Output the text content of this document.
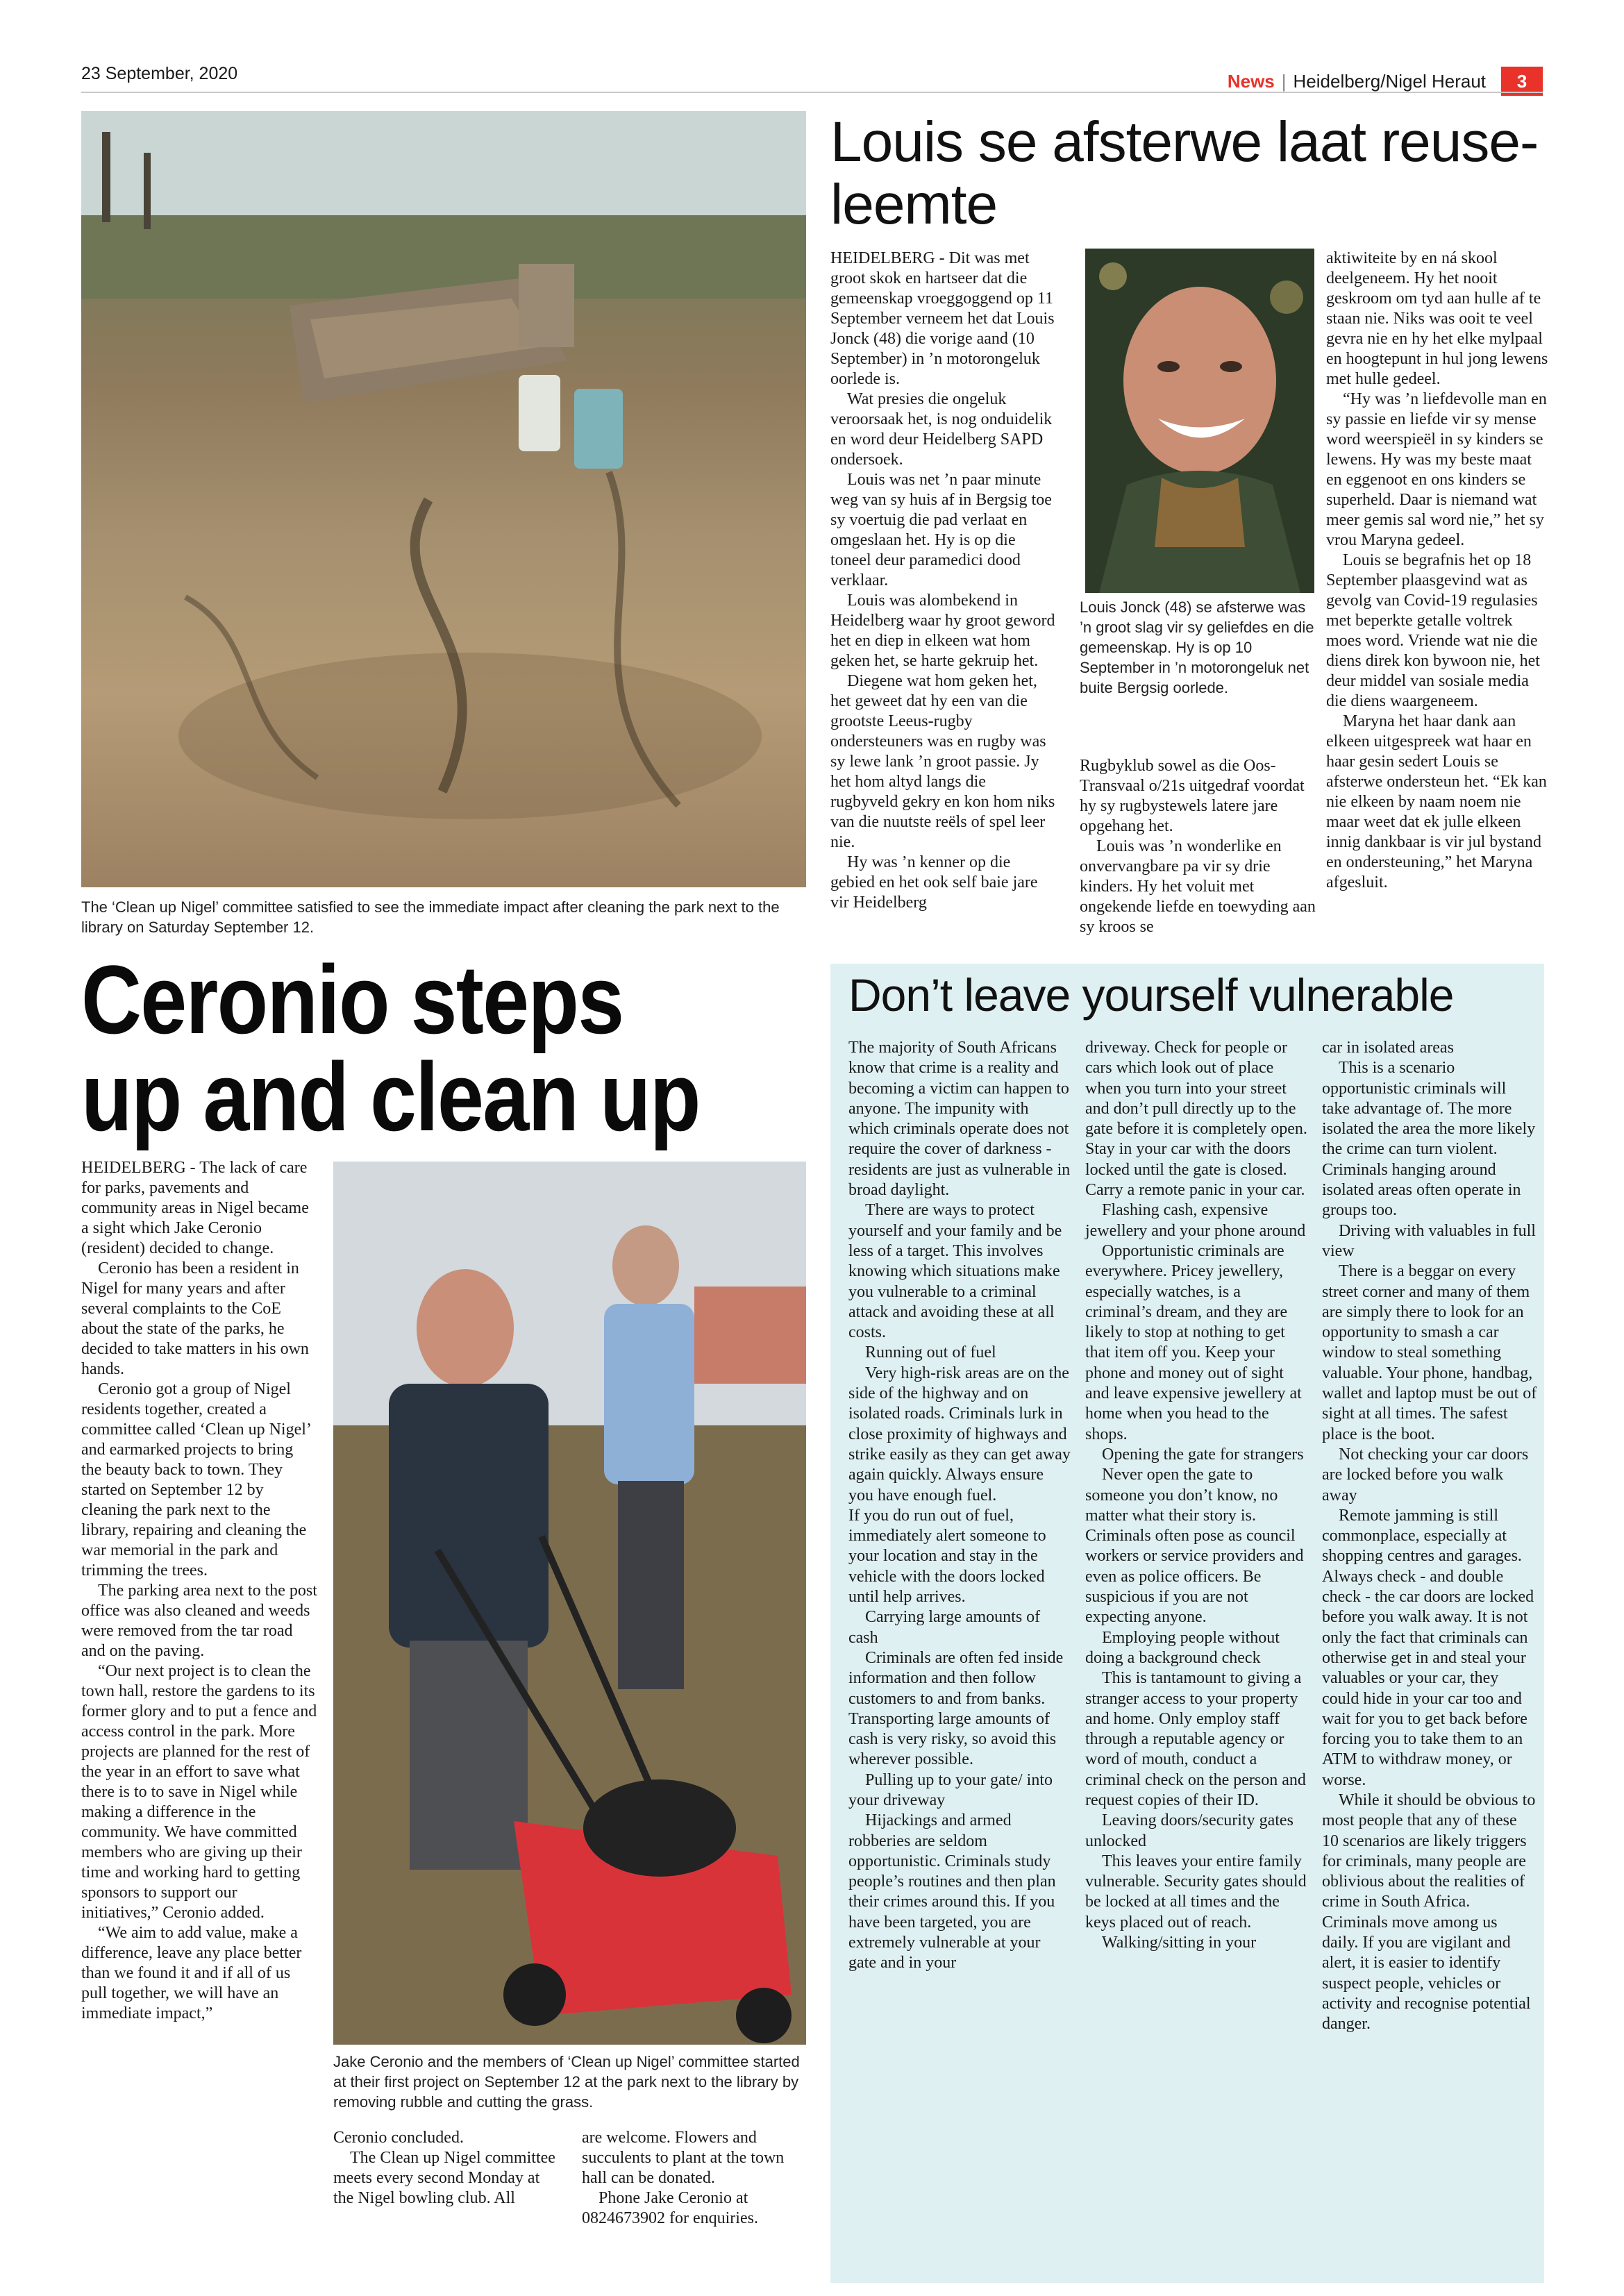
23 September, 2020	News | Heidelberg/Nigel Heraut	3
The ‘Clean up Nigel’ committee satisfied to see the immediate impact after cleaning the park next to the library on Saturday September 12.
Louis se afsterwe laat reuse-leemte

HEIDELBERG - Dit was met groot skok en hartseer dat die gemeenskap vroeggoggend op 11 September verneem het dat Louis Jonck (48) die vorige aand (10 September) in ’n motorongeluk oorlede is.

Wat presies die ongeluk veroorsaak het, is nog onduidelik en word deur Heidelberg SAPD ondersoek.

Louis was net ’n paar minute weg van sy huis af in Bergsig toe sy voertuig die pad verlaat en omgeslaan het. Hy is op die toneel deur paramedici dood verklaar.

Louis was alombekend in Heidelberg waar hy groot geword het en diep in elkeen wat hom geken het, se harte gekruip het.

Diegene wat hom geken het, het geweet dat hy een van die grootste Leeus-rugby ondersteuners was en rugby was sy lewe lank ’n groot passie. Jy het hom altyd langs die rugbyveld gekry en kon hom niks van die nuutste reëls of spel leer nie.

Hy was ’n kenner op die gebied en het ook self baie jare vir Heidelberg

Louis Jonck (48) se afsterwe was ’n groot slag vir sy geliefdes en die gemeenskap. Hy is op 10 September in ’n motorongeluk net buite Bergsig oorlede.

Rugbyklub sowel as die Oos-Transvaal o/21s uitgedraf voordat hy sy rugbystewels latere jare opgehang het.

Louis was ’n wonderlike en onvervangbare pa vir sy drie kinders. Hy het voluit met ongekende liefde en toewyding aan sy kroos se

aktiwiteite by en ná skool deelgeneem. Hy het nooit geskroom om tyd aan hulle af te staan nie. Niks was ooit te veel gevra nie en hy het elke mylpaal en hoogtepunt in hul jong lewens met hulle gedeel.

“Hy was ’n liefdevolle man en sy passie en liefde vir sy mense word weerspieël in sy kinders se lewens. Hy was my beste maat en eggenoot en ons kinders se superheld. Daar is niemand wat meer gemis sal word nie,” het sy vrou Maryna gedeel.

Louis se begrafnis het op 18 September plaasgevind wat as gevolg van Covid-19 regulasies met beperkte getalle voltrek moes word. Vriende wat nie die diens direk kon bywoon nie, het deur middel van sosiale media die diens waargeneem.

Maryna het haar dank aan elkeen uitgespreek wat haar en haar gesin sedert Louis se afsterwe ondersteun het. “Ek kan nie elkeen by naam noem nie maar weet dat ek julle elkeen innig dankbaar is vir jul bystand en ondersteuning,” het Maryna afgesluit.

Ceronio steps up and clean up

HEIDELBERG - The lack of care for parks, pavements and community areas in Nigel became a sight which Jake Ceronio (resident) decided to change.

Ceronio has been a resident in Nigel for many years and after several complaints to the CoE about the state of the parks, he decided to take matters in his own hands.

Ceronio got a group of Nigel residents together, created a committee called ‘Clean up Nigel’ and earmarked projects to bring the beauty back to town. They started on September 12 by cleaning the park next to the library, repairing and cleaning the war memorial in the park and trimming the trees.

The parking area next to the post office was also cleaned and weeds were removed from the tar road and on the paving.

“Our next project is to clean the town hall, restore the gardens to its former glory and to put a fence and access control in the park. More projects are planned for the rest of the year in an effort to save what there is to to save in Nigel while making a difference in the community. We have committed members who are giving up their time and working hard to getting sponsors to support our initiatives,” Ceronio added.

“We aim to add value, make a difference, leave any place better than we found it and if all of us pull together, we will have an immediate impact,”

Jake Ceronio and the members of ‘Clean up Nigel’ committee started at their first project on September 12 at the park next to the library by removing rubble and cutting the grass.

Ceronio concluded.

The Clean up Nigel committee meets every second Monday at the Nigel bowling club. All

are welcome. Flowers and succulents to plant at the town hall can be donated.

Phone Jake Ceronio at 0824673902 for enquiries.

Don’t leave yourself vulnerable

The majority of South Africans know that crime is a reality and becoming a victim can happen to anyone. The impunity with which criminals operate does not require the cover of darkness - residents are just as vulnerable in broad daylight.

There are ways to protect yourself and your family and be less of a target. This involves knowing which situations make you vulnerable to a criminal attack and avoiding these at all costs.

Running out of fuel

Very high-risk areas are on the side of the highway and on isolated roads. Criminals lurk in close proximity of highways and strike easily as they can get away again quickly. Always ensure you have enough fuel.

If you do run out of fuel, immediately alert someone to your location and stay in the vehicle with the doors locked until help arrives.

Carrying large amounts of cash

Criminals are often fed inside information and then follow customers to and from banks. Transporting large amounts of cash is very risky, so avoid this wherever possible.

Pulling up to your gate/ into your driveway

Hijackings and armed robberies are seldom opportunistic. Criminals study people’s routines and then plan their crimes around this. If you have been targeted, you are extremely vulnerable at your gate and in your

driveway. Check for people or cars which look out of place when you turn into your street and don’t pull directly up to the gate before it is completely open. Stay in your car with the doors locked until the gate is closed. Carry a remote panic in your car.

Flashing cash, expensive jewellery and your phone around

Opportunistic criminals are everywhere. Pricey jewellery, especially watches, is a criminal’s dream, and they are likely to stop at nothing to get that item off you. Keep your phone and money out of sight and leave expensive jewellery at home when you head to the shops.

Opening the gate for strangers

Never open the gate to someone you don’t know, no matter what their story is. Criminals often pose as council workers or service providers and even as police officers. Be suspicious if you are not expecting anyone.

Employing people without doing a background check

This is tantamount to giving a stranger access to your property and home. Only employ staff through a reputable agency or word of mouth, conduct a criminal check on the person and request copies of their ID.

Leaving doors/security gates unlocked

This leaves your entire family vulnerable. Security gates should be locked at all times and the keys placed out of reach.

Walking/sitting in your

car in isolated areas

This is a scenario opportunistic criminals will take advantage of. The more isolated the area the more likely the crime can turn violent. Criminals hanging around isolated areas often operate in groups too.

Driving with valuables in full view

There is a beggar on every street corner and many of them are simply there to look for an opportunity to smash a car window to steal something valuable. Your phone, handbag, wallet and laptop must be out of sight at all times. The safest place is the boot.

Not checking your car doors are locked before you walk away

Remote jamming is still commonplace, especially at shopping centres and garages. Always check - and double check - the car doors are locked before you walk away. It is not only the fact that criminals can otherwise get in and steal your valuables or your car, they could hide in your car too and wait for you to get back before forcing you to take them to an ATM to withdraw money, or worse.

While it should be obvious to most people that any of these 10 scenarios are likely triggers for criminals, many people are oblivious about the realities of crime in South Africa. Criminals move among us daily. If you are vigilant and alert, it is easier to identify suspect people, vehicles or activity and recognise potential danger.
